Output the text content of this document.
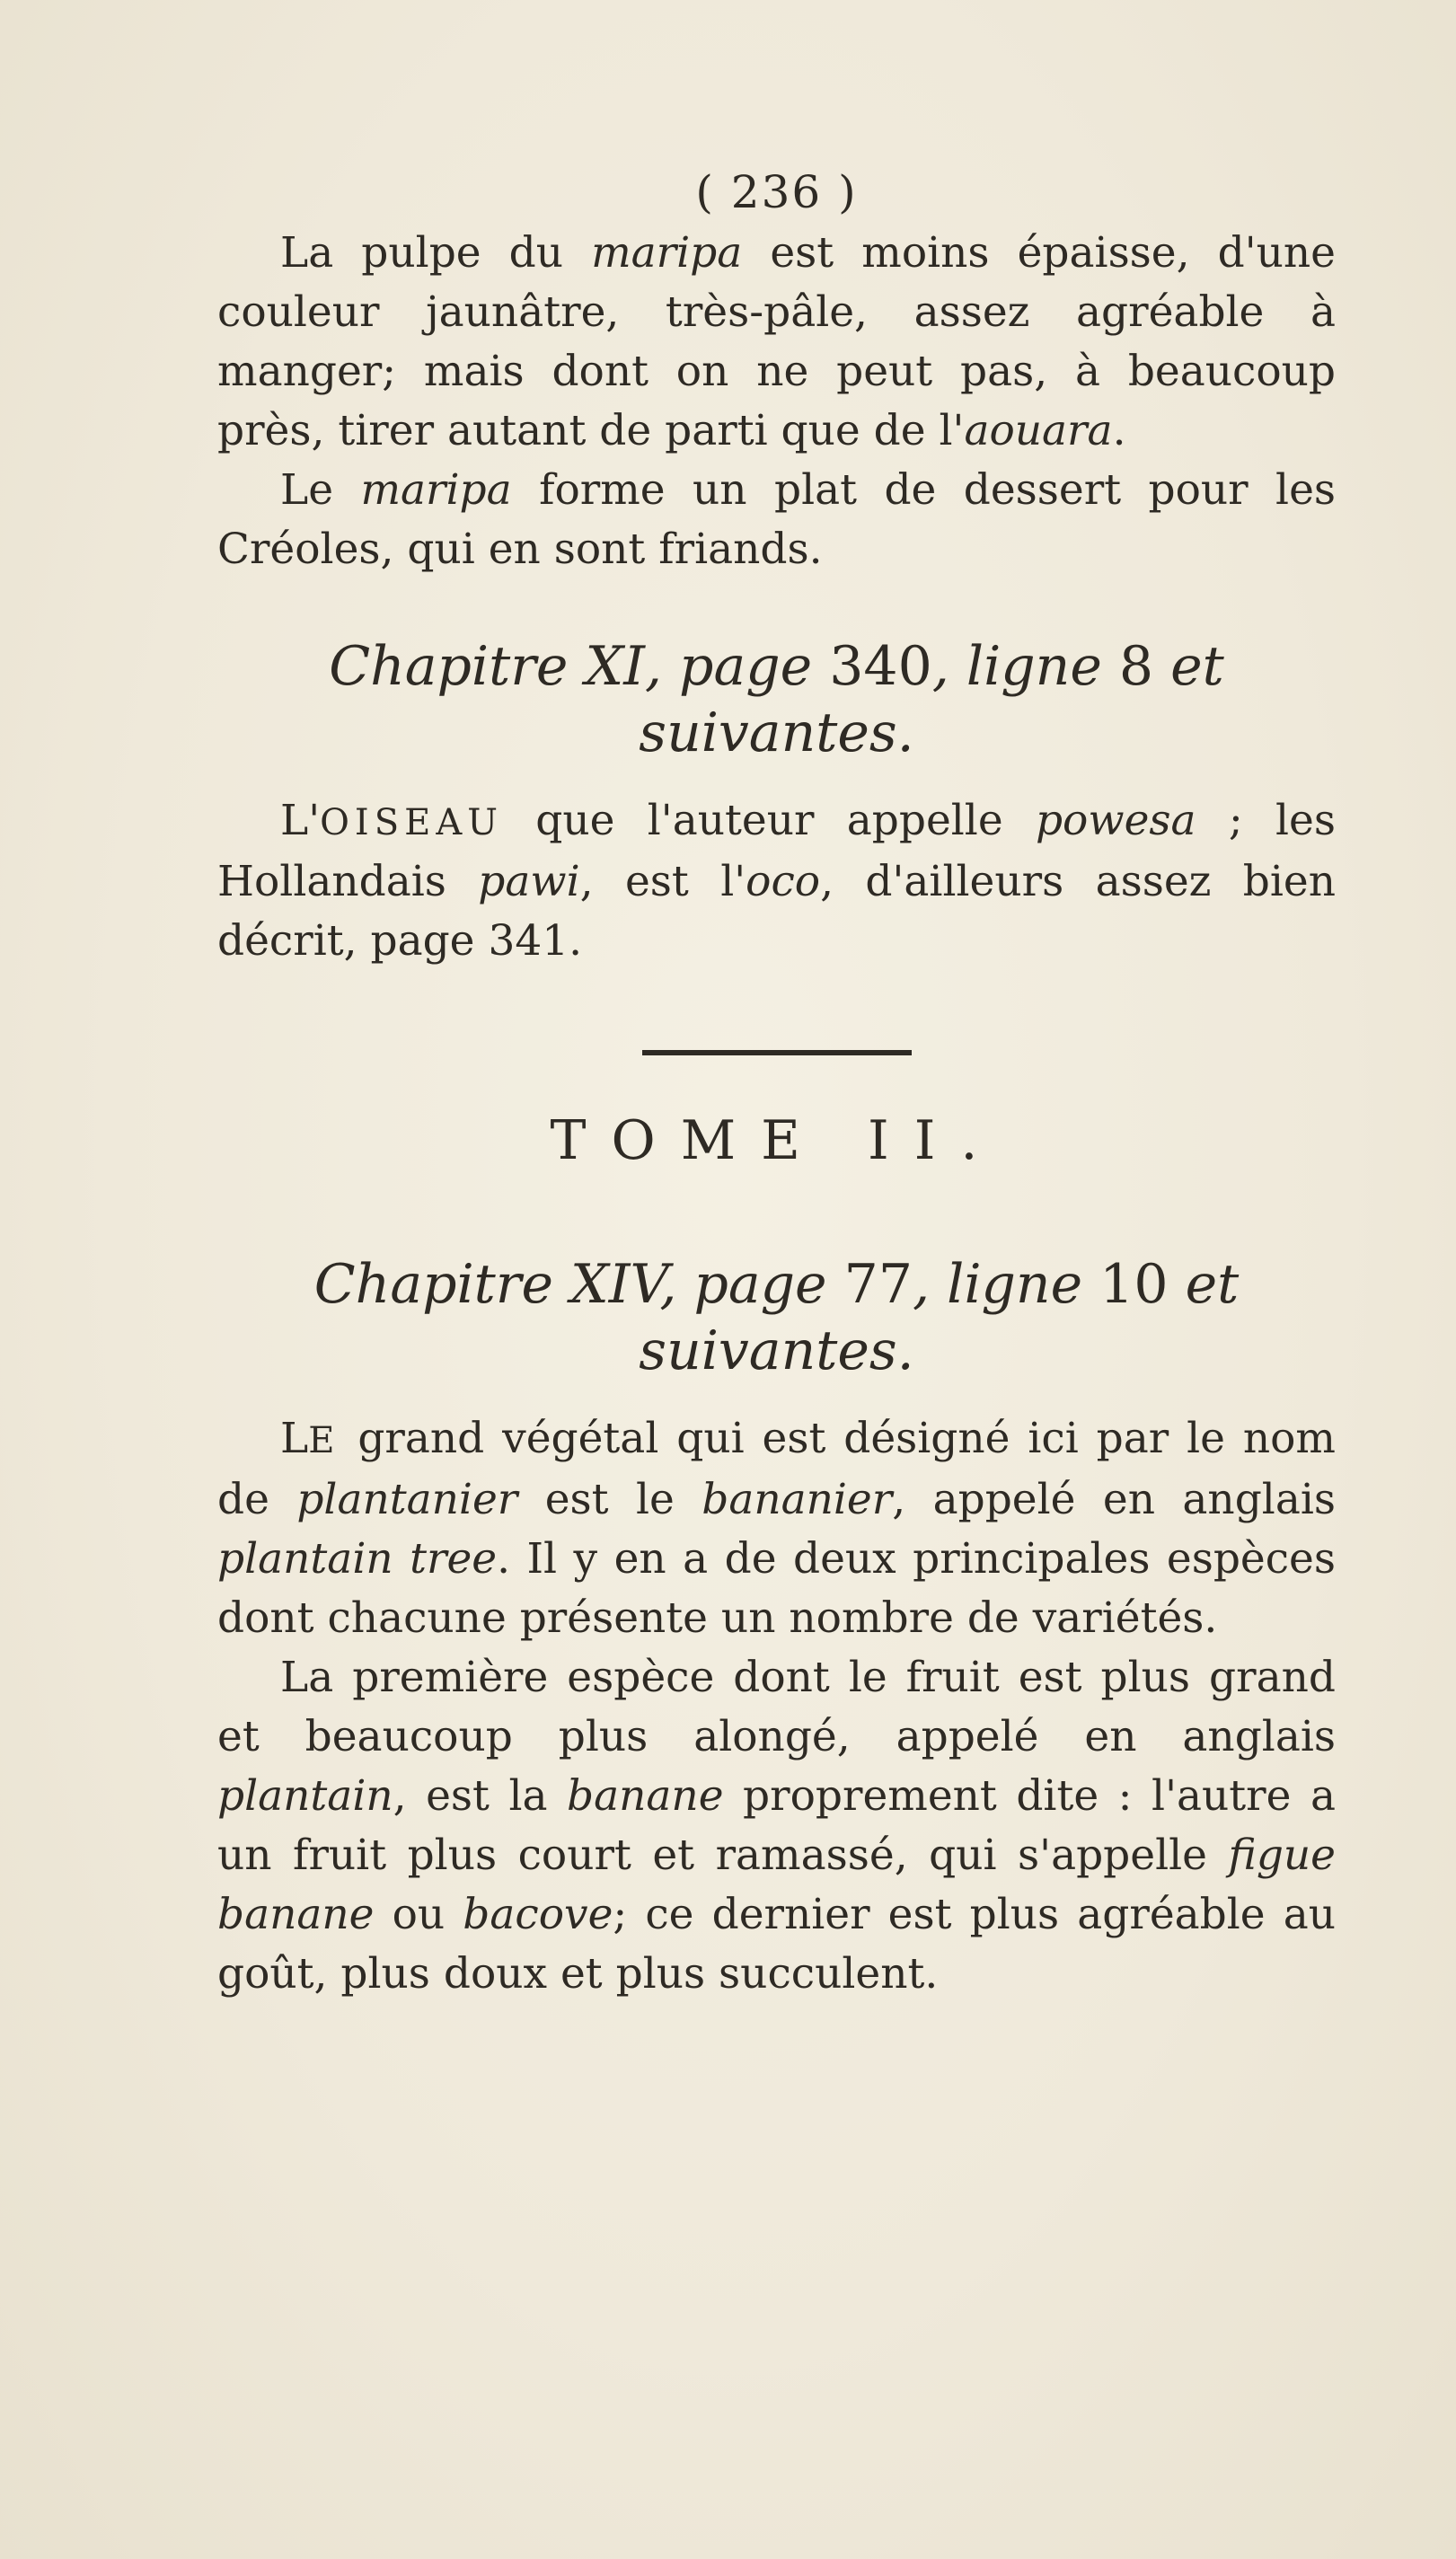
( 236 )

La pulpe du maripa est moins épaisse, d'une couleur jaunâtre, très-pâle, assez agréable à manger; mais dont on ne peut pas, à beaucoup près, tirer autant de parti que de l'aouara.

Le maripa forme un plat de dessert pour les Créoles, qui en sont friands.

Chapitre XI, page 340, ligne 8 et suivantes.

L'OISEAU que l'auteur appelle powesa ; les Hollandais pawi, est l'oco, d'ailleurs assez bien décrit, page 341.

TOME II.
Chapitre XIV, page 77, ligne 10 et suivantes.

LE grand végétal qui est désigné ici par le nom de plantanier est le bananier, appelé en anglais plantain tree. Il y en a de deux principales espèces dont chacune présente un nombre de variétés.

La première espèce dont le fruit est plus grand et beaucoup plus alongé, appelé en anglais plantain, est la banane proprement dite : l'autre a un fruit plus court et ramassé, qui s'appelle figue banane ou bacove; ce dernier est plus agréable au goût, plus doux et plus succulent.
